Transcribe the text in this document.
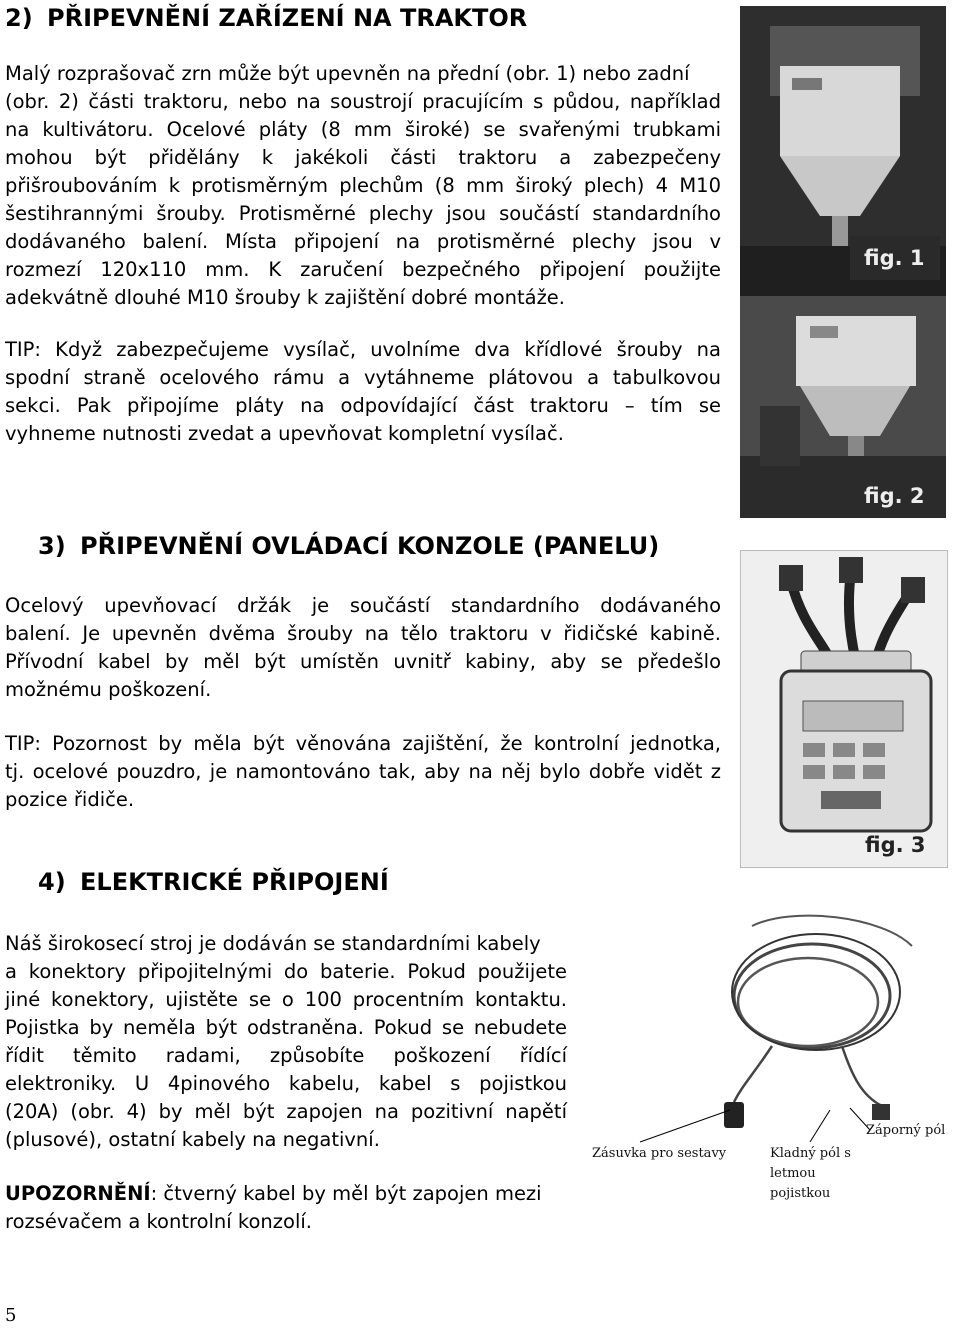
2) PŘIPEVNĚNÍ ZAŘÍZENÍ NA TRAKTOR
Malý rozprašovač zrn může být upevněn na přední (obr. 1) nebo zadní
(obr. 2) části traktoru, nebo na soustrojí pracujícím s půdou, například
na kultivátoru. Ocelové pláty (8 mm široké) se svařenými trubkami
mohou být přidělány k jakékoli části traktoru a zabezpečeny
přišroubováním k protisměrným plechům (8 mm široký plech) 4 M10
šestihrannými šrouby. Protisměrné plechy jsou součástí standardního
dodávaného balení. Místa připojení na protisměrné plechy jsou v
rozmezí 120x110 mm. K zaručení bezpečného připojení použijte
adekvátně dlouhé M10 šrouby k zajištění dobré montáže.
TIP: Když zabezpečujeme vysílač, uvolníme dva křídlové šrouby na
spodní straně ocelového rámu a vytáhneme plátovou a tabulkovou
sekci. Pak připojíme pláty na odpovídající část traktoru – tím se
vyhneme nutnosti zvedat a upevňovat kompletní vysílač.
fig. 1
fig. 2
3) PŘIPEVNĚNÍ OVLÁDACÍ KONZOLE (PANELU)
Ocelový upevňovací držák je součástí standardního dodávaného
balení. Je upevněn dvěma šrouby na tělo traktoru v řidičské kabině.
Přívodní kabel by měl být umístěn uvnitř kabiny, aby se předešlo
možnému poškození.
TIP: Pozornost by měla být věnována zajištění, že kontrolní jednotka,
tj. ocelové pouzdro, je namontováno tak, aby na něj bylo dobře vidět z
pozice řidiče.
fig. 3
4) ELEKTRICKÉ PŘIPOJENÍ
Náš širokosecí stroj je dodáván se standardními kabely
a konektory připojitelnými do baterie. Pokud použijete
jiné konektory, ujistěte se o 100 procentním kontaktu.
Pojistka by neměla být odstraněna. Pokud se nebudete
řídit těmito radami, způsobíte poškození řídící
elektroniky. U 4pinového kabelu, kabel s pojistkou
(20A) (obr. 4) by měl být zapojen na pozitivní napětí
(plusové), ostatní kabely na negativní.
UPOZORNĚNÍ: čtverný kabel by měl být zapojen mezi
rozsévačem a kontrolní konzolí.
Zásuvka pro sestavy	Kladný pól s
letmou
pojistkou
Záporný pól
5
